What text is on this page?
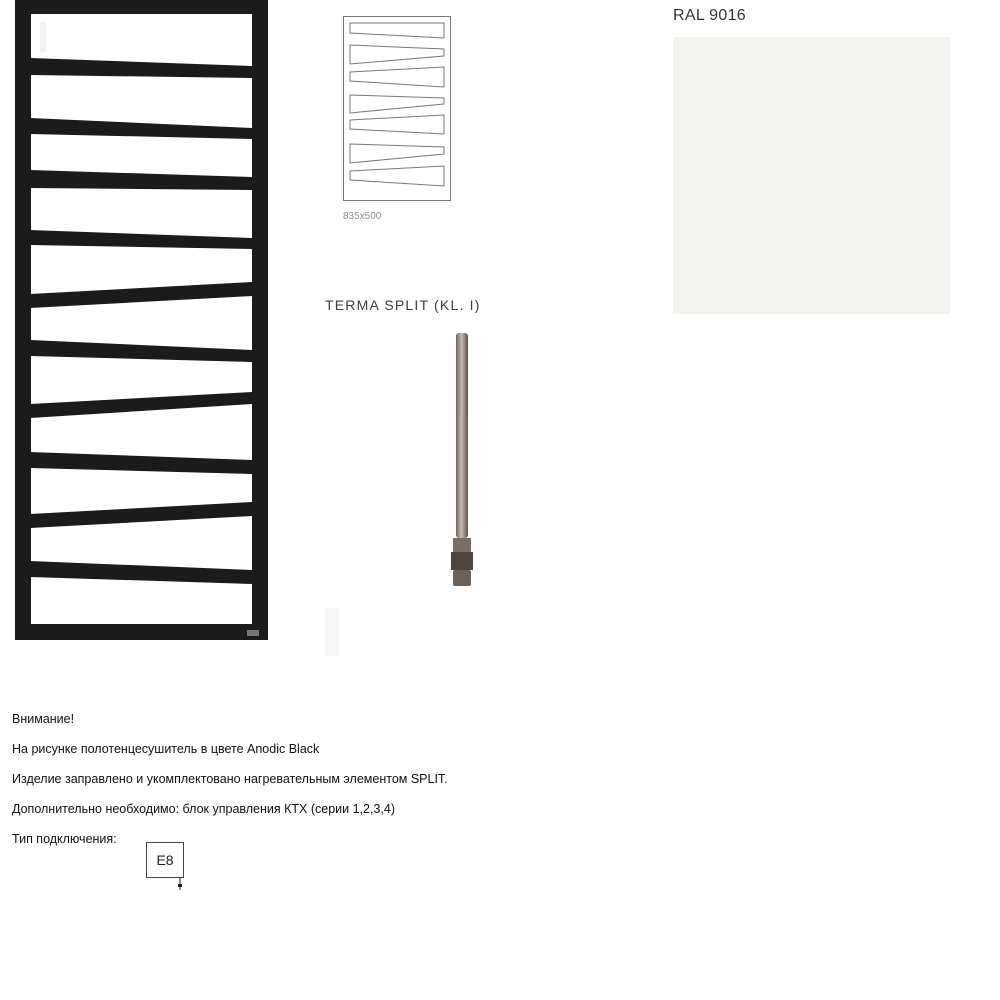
835x500
TERMA SPLIT (KL. I)
RAL 9016
Внимание!
На рисунке полотенцесушитель в цвете Anodic Black
Изделие заправлено и укомплектовано нагревательным элементом SPLIT.
Дополнительно необходимо: блок управления КТХ (серии 1,2,3,4)
Тип подключения:
E8
